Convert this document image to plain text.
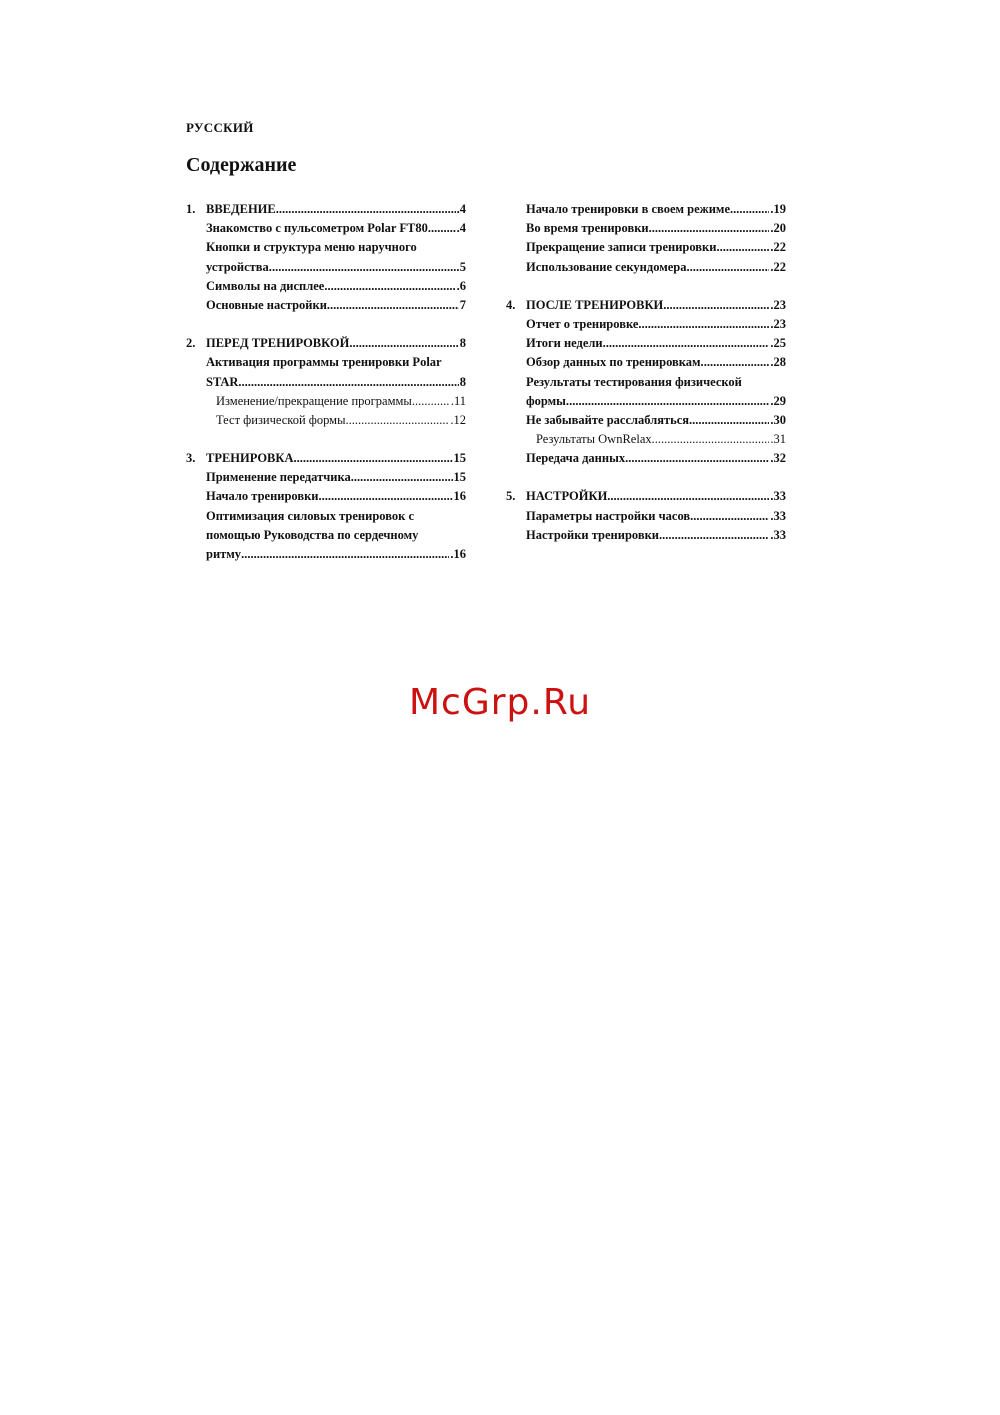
РУССКИЙ
Содержание
1. ВВЕДЕНИЕ. .....	.4
Знакомство с пульсометром Polar FT80. ..... .4
Кнопки и структура меню наручного
устройства. .....	5
Символы на дисплее. .....	.6
Основные настройки. .....	7
2. ПЕРЕД ТРЕНИРОВКОЙ. .....	8
Активация программы тренировки Polar
STAR .....	8
Изменение/прекращение программы .....	.11
Тест физической формы .....	.12
3. ТРЕНИРОВКА. .....	15
Применение передатчика. .....	15
Начало тренировки. .....	16
Оптимизация силовых тренировок с
помощью Руководства по сердечному
ритму .....	.16
Начало тренировки в своем режиме .....	.19
Во время тренировки. .....	.20
Прекращение записи тренировки .....	.22
Использование секундомера .....	.22
4. ПОСЛЕ ТРЕНИРОВКИ. .....	.23
Отчет о тренировке. .....	.23
Итоги недели. .....	.25
Обзор данных по тренировкам. .....	.28
Результаты тестирования физической
формы. .....	.29
Не забывайте расслабляться .....	.30
Результаты OwnRelax .....	.31
Передача данных .....	.32
5. НАСТРОЙКИ. .....	.33
Параметры настройки часов .....	.33
Настройки тренировки .....	.33
McGrp.Ru
